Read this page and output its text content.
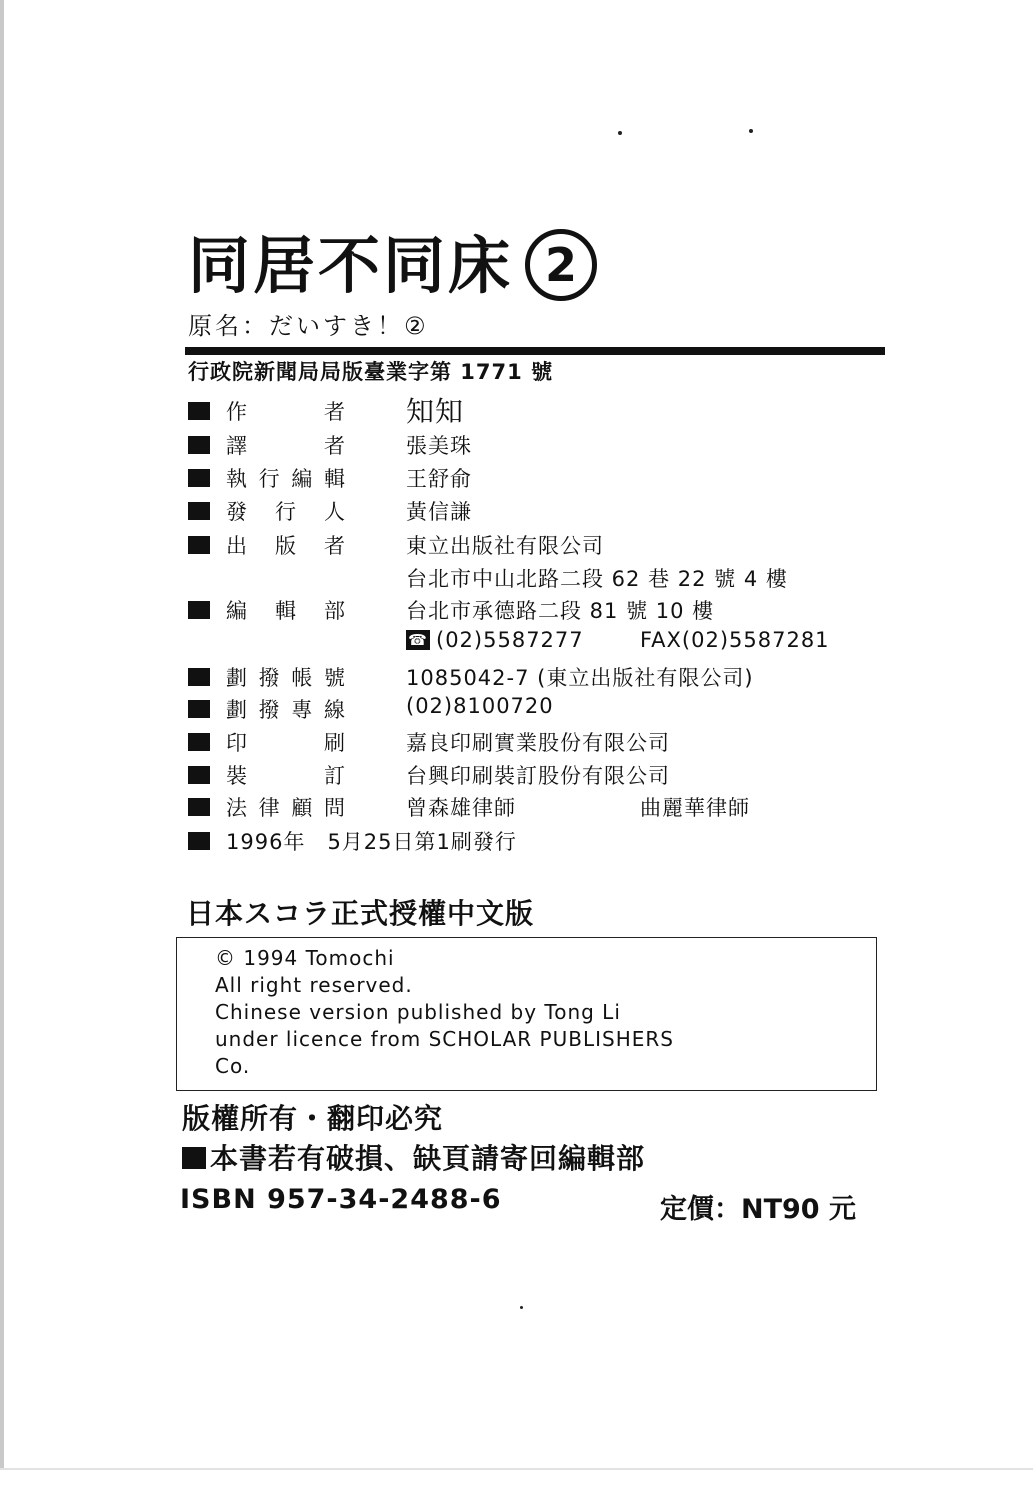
同居不同床 2
原名：だいすき！②
行政院新聞局局版臺業字第 1771 號
作　　者 知知
譯　　者	張美珠
執行編輯	王舒俞
發 行 人	黃信謙
出 版 者	東立出版社有限公司
台北市中山北路二段 62 巷 22 號 4 樓
編 輯 部	台北市承德路二段 81 號 10 樓
☎ (02)5587277	FAX(02)5587281
劃撥帳號	1085042-7 (東立出版社有限公司)
劃撥專線	(02)8100720
印　　刷	嘉良印刷實業股份有限公司
裝　　訂	台興印刷裝訂股份有限公司
法律顧問	曾森雄律師	曲麗華律師
1996年　5月25日第1刷發行
日本スコラ正式授權中文版
© 1994 Tomochi
All right reserved.
Chinese version published by Tong Li
under licence from SCHOLAR PUBLISHERS
Co.
版權所有・翻印必究
本書若有破損、缺頁請寄回編輯部
ISBN 957-34-2488-6	定價：NT90 元
